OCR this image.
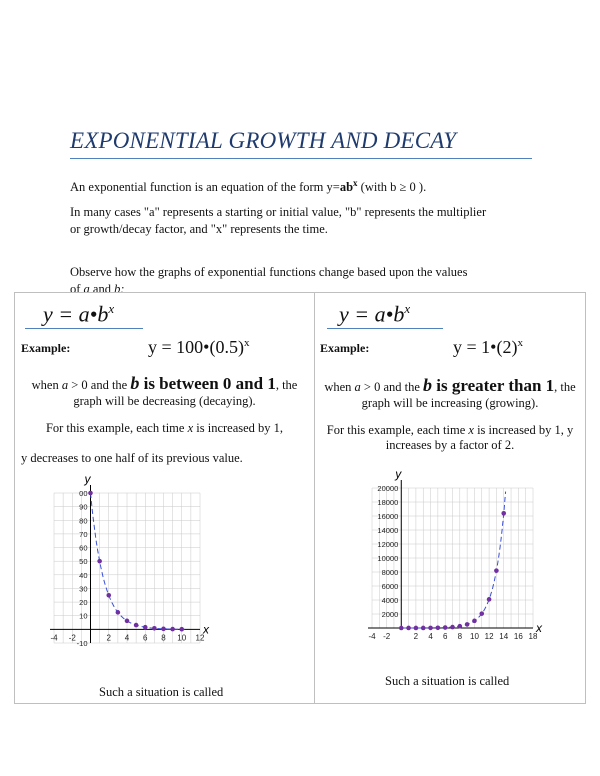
EXPONENTIAL GROWTH AND DECAY
An exponential function is an equation of the form $y=ab^x$ (with b ≥ 0 ).
In many cases "a" represents a starting or initial value, "b" represents the multiplier
or growth/decay factor, and "x" represents the time.
Observe how the graphs of exponential functions change based upon the values
of a and b:
$y = a•b^x$
Example:	$y = 100•(0.5)^x$
when a > 0 and the b is between 0 and 1, the
graph will be decreasing (decaying).
For this example, each time x is increased by 1,
y decreases to one half of its previous value.
-4 -2	2 4 6 8 10 12
-10
10
20
30
40
50
60
70
80
90
00
x
y
Such a situation is called
$y = a•b^x$
Example:	$y = 1•(2)^x$
when a > 0 and the b is greater than 1, the
graph will be increasing (growing).
For this example, each time x is increased by 1, y
increases by a factor of 2.
-4 -2	2 4 6 8 10 12 14 16 18
2000
4000
6000
8000
10000
12000
14000
16000
18000
20000
x
y
Such a situation is called
